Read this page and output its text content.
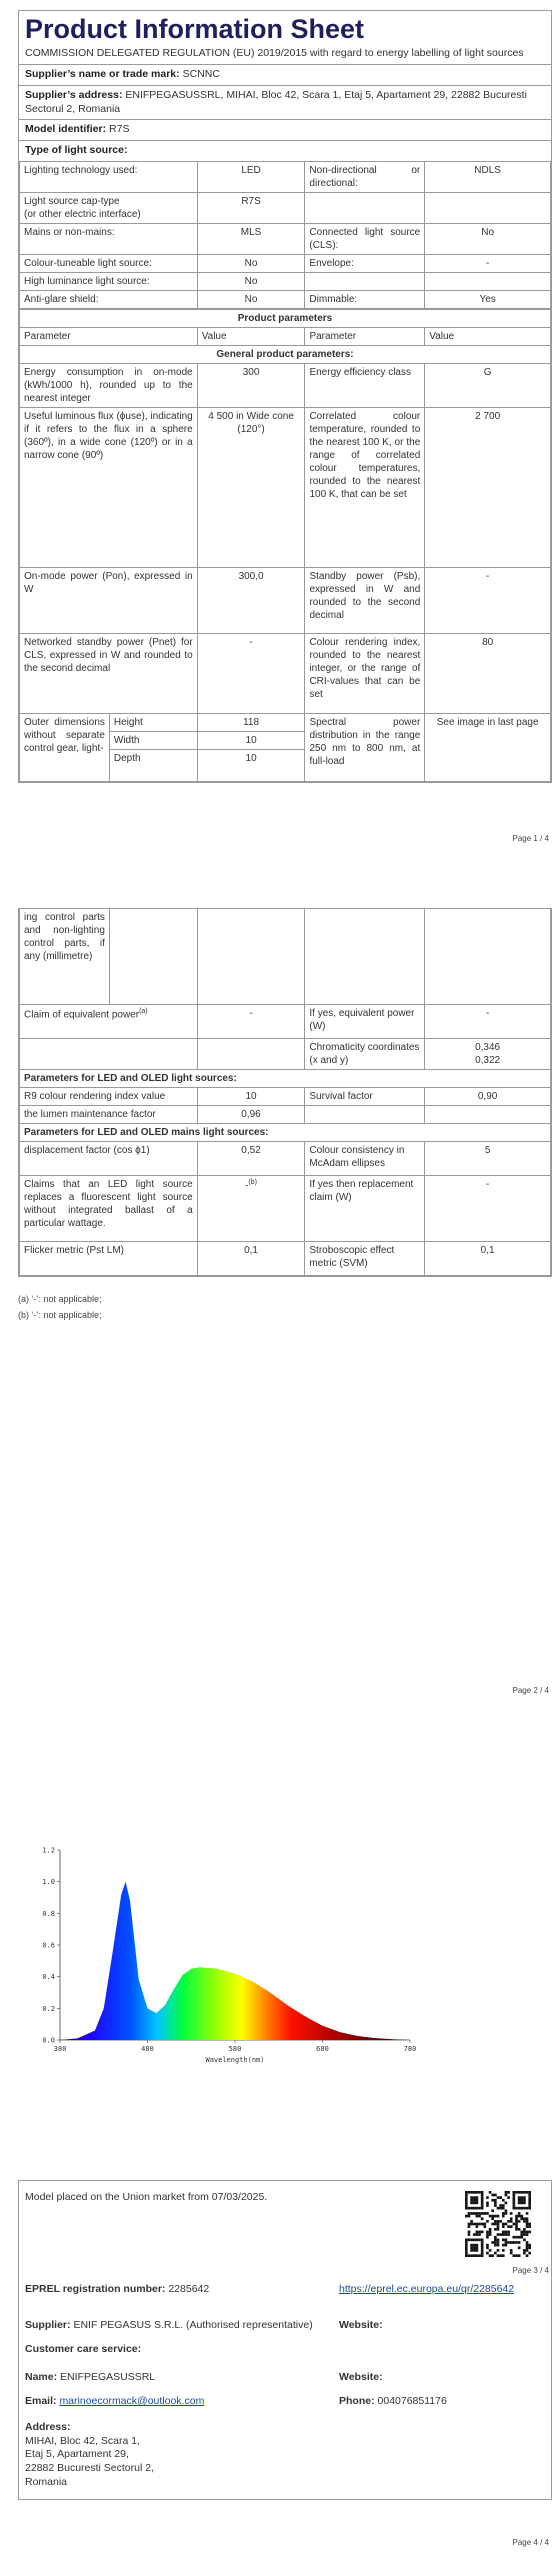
Product Information Sheet
COMMISSION DELEGATED REGULATION (EU) 2019/2015 with regard to energy labelling of light sources
Supplier’s name or trade mark: SCNNC
Supplier’s address: ENIFPEGASUSSRL, MIHAI, Bloc 42, Scara 1, Etaj 5, Apartament 29, 22882 Bucuresti Sectorul 2, Romania
Model identifier: R7S
Type of light source:
Lighting technology used:	LED	Non-directional or directional:	NDLS
Light source cap-type
(or other electric interface)	R7S		
Mains or non-mains:	MLS	Connected light source (CLS):	No
Colour-tuneable light source:	No	Envelope:	-
High luminance light source:	No		
Anti-glare shield:	No	Dimmable:	Yes
Product parameters				
Parameter		Value	Parameter	Value
General product parameters:				
Energy consumption in on-mode (kWh/1000 h), rounded up to the nearest integer		300	Energy efficiency class	G
Useful luminous flux (ϕuse), indicating if it refers to the flux in a sphere (360º), in a wide cone (120º) or in a narrow cone (90º)		4 500 in Wide cone (120°)	Correlated colour temperature, rounded to the nearest 100 K, or the range of correlated colour temperatures, rounded to the nearest 100 K, that can be set	2 700
On-mode power (Pon), expressed in W		300,0	Standby power (Psb), expressed in W and rounded to the second decimal	-
Networked standby power (Pnet) for CLS, expressed in W and rounded to the second decimal		-	Colour rendering index, rounded to the nearest integer, or the range of CRI-values that can be set	80
Outer dimensions without separate control gear, light-	Height	118	Spectral power distribution in the range 250 nm to 800 nm, at full-load	See image in last page
	Width	10		
	Depth	10		
Page 1 / 4
ing control parts and non-lighting control parts, if any (millimetre)				
Claim of equivalent power$^{(a)}$		-	If yes, equivalent power (W)	-
			Chromaticity coordinates (x and y)	0,346
0,322

Parameters for LED and OLED light sources:				
R9 colour rendering index value		10	Survival factor	0,90
the lumen maintenance factor		0,96		
Parameters for LED and OLED mains light sources:				
displacement factor (cos ϕ1)		0,52	Colour consistency in McAdam ellipses	5
Claims that an LED light source replaces a fluorescent light source without integrated ballast of a particular wattage.		-$^{(b)}$	If yes then replacement claim (W)	-
Flicker metric (Pst LM)		0,1	Stroboscopic effect metric (SVM)	0,1
(a) ‘-’: not applicable;
(b) ‘-’: not applicable;
Page 2 / 4
0.0
0.2
0.4
0.6
0.8
1.0
1.2
380	480	580	680	780
Wavelength(nm)
Page 3 / 4
Model placed on the Union market from 07/03/2025.
EPREL registration number: 2285642	https://eprel.ec.europa.eu/qr/2285642
Supplier: ENIF PEGASUS S.R.L. (Authorised representative)	Website:
Customer care service:
Name: ENIFPEGASUSSRL	Website:
Email: marinoecormack@outlook.com	Phone: 004076851176
Address:
MIHAI, Bloc 42, Scara 1,
Etaj 5, Apartament 29,
22882 Bucuresti Sectorul 2,
Romania
Page 4 / 4
